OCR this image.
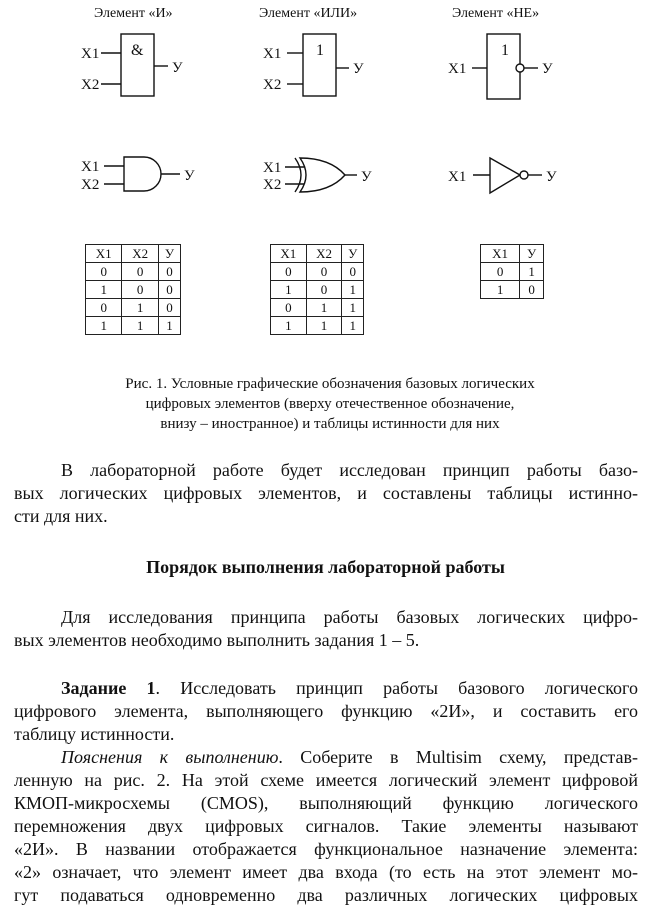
Элемент «И»	Элемент «ИЛИ»	Элемент «НЕ»
X1
X2
&
У
X1
X2
1
У	X1
1
У
X1
X2
У	X1
X2	У	X1	У
X1	X2	У
0	0	0
1	0	0
0	1	0
1	1	1
X1	X2	У
0	0	0
1	0	1
0	1	1
1	1	1
X1	У
0	1
1	0
Рис. 1. Условные графические обозначения базовых логических
цифровых элементов (вверху отечественное обозначение,
внизу – иностранное) и таблицы истинности для них
В лабораторной работе будет исследован принцип работы базо-
вых логических цифровых элементов, и составлены таблицы истинно-
сти для них.
Порядок выполнения лабораторной работы
Для исследования принципа работы базовых логических цифро-
вых элементов необходимо выполнить задания 1 – 5.
Задание 1. Исследовать принцип работы базового логического
цифрового элемента, выполняющего функцию «2И», и составить его
таблицу истинности.
Пояснения к выполнению. Соберите в Multisim схему, представ-
ленную на рис. 2. На этой схеме имеется логический элемент цифровой
КМОП-микросхемы (CMOS), выполняющий функцию логического
перемножения двух цифровых сигналов. Такие элементы называют
«2И». В названии отображается функциональное назначение элемента:
«2» означает, что элемент имеет два входа (то есть на этот элемент мо-
гут подаваться одновременно два различных логических цифровых
